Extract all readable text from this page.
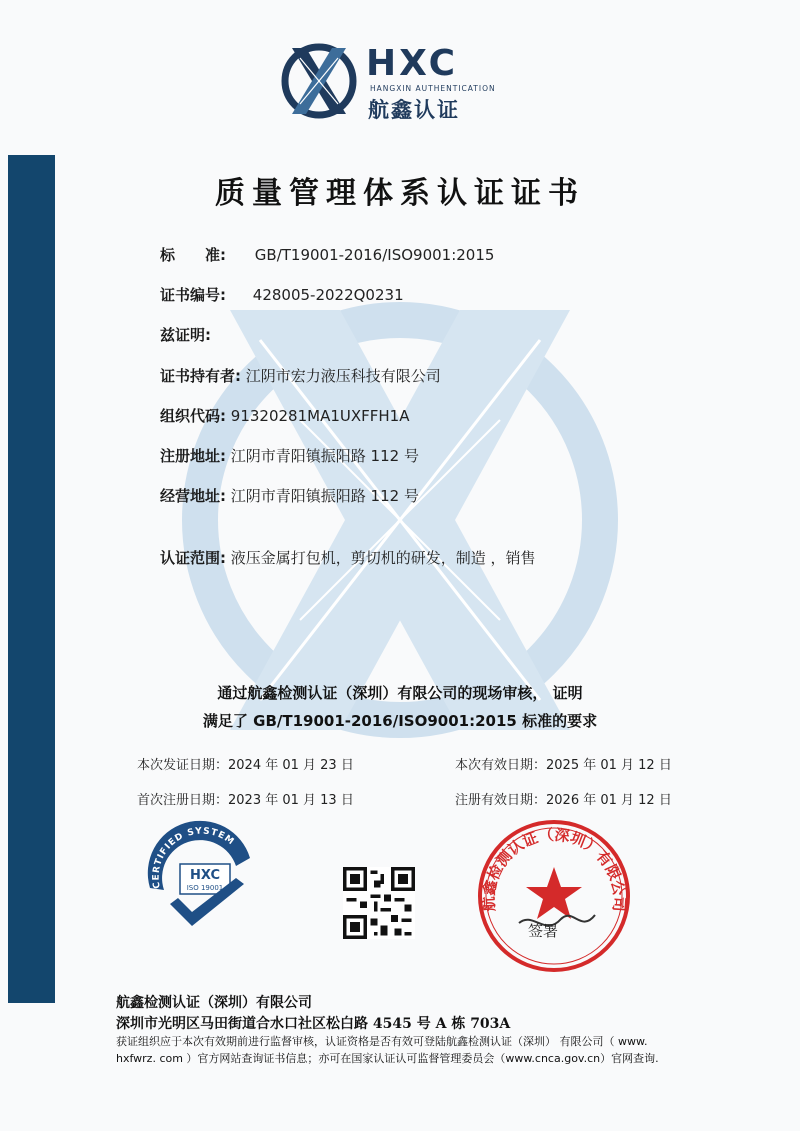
HXC
HANGXIN AUTHENTICATION
航鑫认证
质量管理体系认证证书
标　　准: GB/T19001-2016/ISO9001:2015
证书编号: 428005-2022Q0231
兹证明:
证书持有者: 江阴市宏力液压科技有限公司
组织代码: 91320281MA1UXFFH1A
注册地址: 江阴市青阳镇振阳路 112 号
经营地址: 江阴市青阳镇振阳路 112 号
认证范围: 液压金属打包机，剪切机的研发，制造 ，销售
通过航鑫检测认证（深圳）有限公司的现场审核， 证明
满足了 GB/T19001-2016/ISO9001:2015 标准的要求
本次发证日期：2024 年 01 月 23 日	本次有效日期：2025 年 01 月 12 日
首次注册日期：2023 年 01 月 13 日	注册有效日期：2026 年 01 月 12 日
CERTIFIED SYSTEM
HXC
ISO 19001
航鑫检测认证（深圳）有限公司
签署
航鑫检测认证（深圳）有限公司
深圳市光明区马田街道合水口社区松白路 4545 号 A 栋 703A
获证组织应于本次有效期前进行监督审核，认证资格是否有效可登陆航鑫检测认证（深圳） 有限公司（ www.
hxfwrz. com ）官方网站查询证书信息；亦可在国家认证认可监督管理委员会（www.cnca.gov.cn）官网查询.
